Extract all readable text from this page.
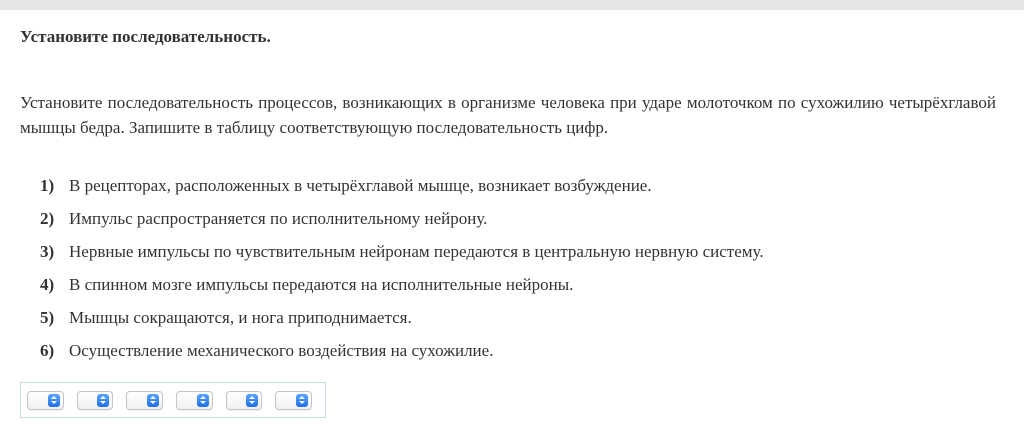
Установите последовательность.
Установите последовательность процессов, возникающих в организме человека при ударе молоточком по сухожилию четырёхглавой мышцы бедра. Запишите в таблицу соответствующую последовательность цифр.
1) В рецепторах, расположенных в четырёхглавой мышце, возникает возбуждение.
2) Импульс распространяется по исполнительному нейрону.
3) Нервные импульсы по чувствительным нейронам передаются в центральную нервную систему.
4) В спинном мозге импульсы передаются на исполнительные нейроны.
5) Мышцы сокращаются, и нога приподнимается.
6) Осуществление механического воздействия на сухожилие.
